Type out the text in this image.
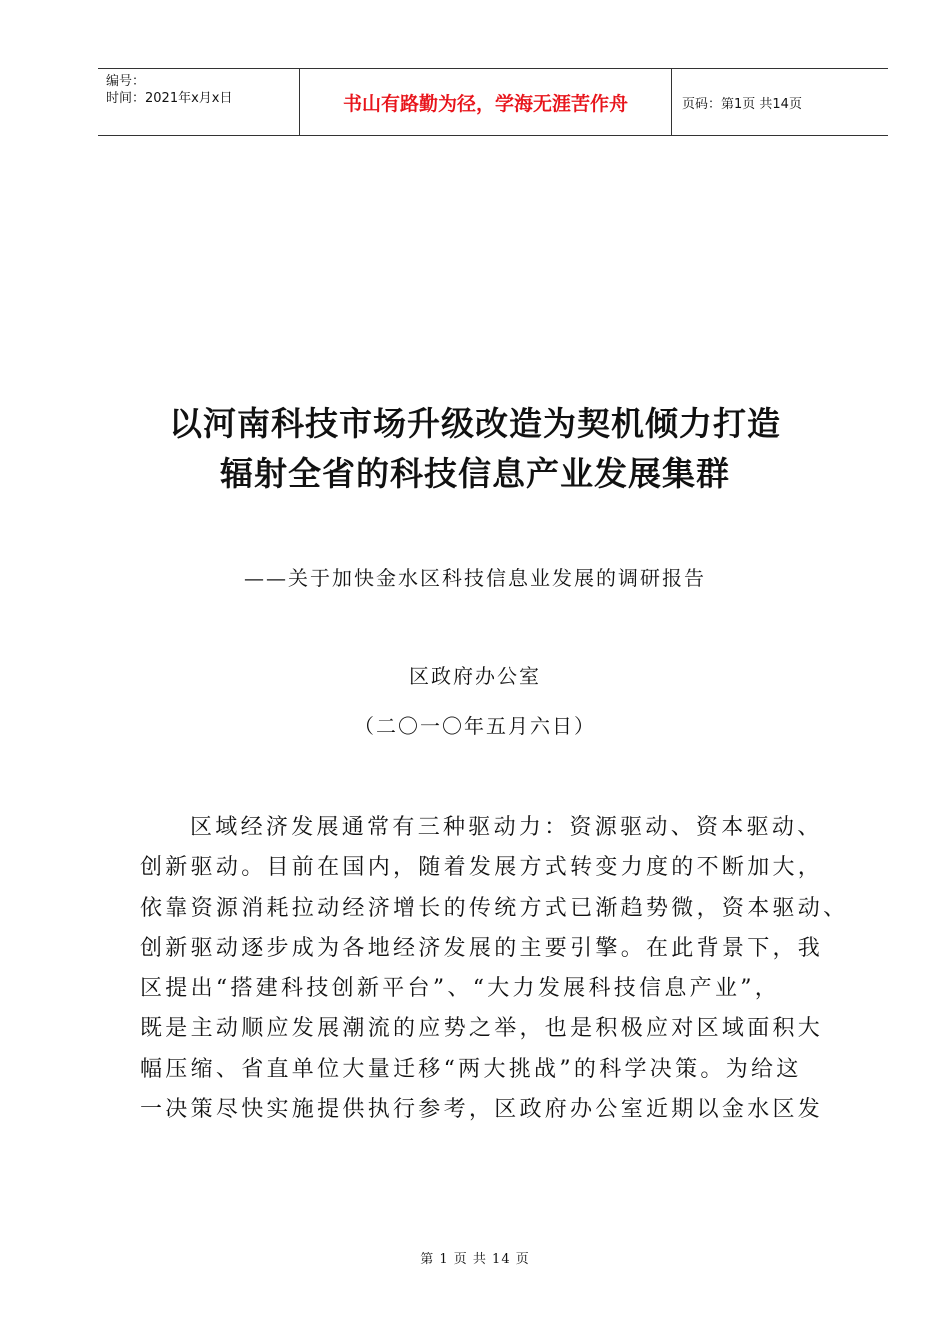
编号：
时间：2021年x月x日	书山有路勤为径，学海无涯苦作舟	页码：第1页 共14页
以河南科技市场升级改造为契机倾力打造
辐射全省的科技信息产业发展集群
——关于加快金水区科技信息业发展的调研报告
区政府办公室
（二〇一〇年五月六日）
区域经济发展通常有三种驱动力：资源驱动、资本驱动、
创新驱动。目前在国内，随着发展方式转变力度的不断加大，
依靠资源消耗拉动经济增长的传统方式已渐趋势微，资本驱动、
创新驱动逐步成为各地经济发展的主要引擎。在此背景下，我
区提出“搭建科技创新平台”、“大力发展科技信息产业”，
既是主动顺应发展潮流的应势之举，也是积极应对区域面积大
幅压缩、省直单位大量迁移“两大挑战”的科学决策。为给这
一决策尽快实施提供执行参考，区政府办公室近期以金水区发
第 1 页 共 14 页
